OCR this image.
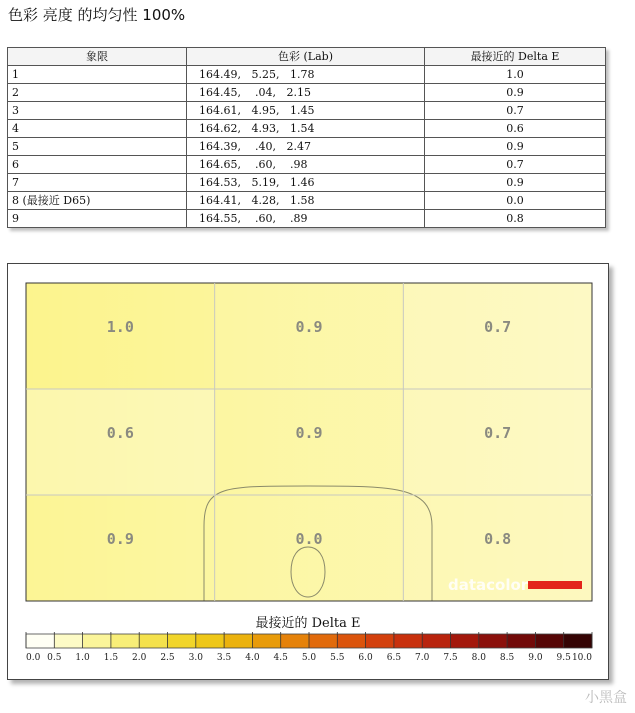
色彩 亮度 的均匀性 100%
象限	色彩 (Lab)	最接近的 Delta E
1	164.49,   5.25,   1.78	1.0
2	164.45,    .04,   2.15	0.9
3	164.61,   4.95,   1.45	0.7
4	164.62,   4.93,   1.54	0.6
5	164.39,    .40,   2.47	0.9
6	164.65,    .60,    .98	0.7
7	164.53,   5.19,   1.46	0.9
8 (最接近 D65)	164.41,   4.28,   1.58	0.0
9	164.55,    .60,    .89	0.8
1.0	0.9	0.7
0.6	0.9	0.7
0.9	0.0	0.8
datacolor
最接近的 Delta E
0.0 0.5 1.0 1.5 2.0 2.5 3.0 3.5 4.0 4.5 5.0 5.5 6.0 6.5 7.0 7.5 8.0 8.5 9.0 9.5 10.0
小黑盒
